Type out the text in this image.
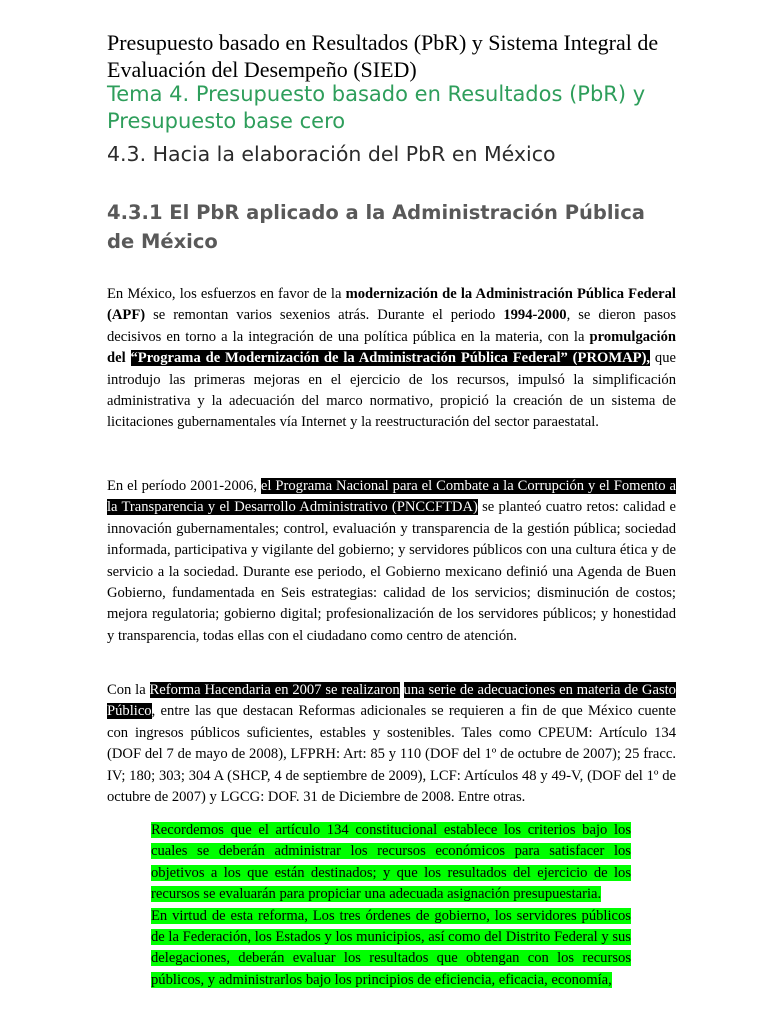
Presupuesto basado en Resultados (PbR) y Sistema Integral de Evaluación del Desempeño (SIED)
Tema 4. Presupuesto basado en Resultados (PbR) y Presupuesto base cero
4.3. Hacia la elaboración del PbR en México
4.3.1 El PbR aplicado a la Administración Pública de México

En México, los esfuerzos en favor de la modernización de la Administración Pública Federal (APF) se remontan varios sexenios atrás. Durante el periodo 1994-2000, se dieron pasos decisivos en torno a la integración de una política pública en la materia, con la promulgación del “Programa de Modernización de la Administración Pública Federal” (PROMAP), que introdujo las primeras mejoras en el ejercicio de los recursos, impulsó la simplificación administrativa y la adecuación del marco normativo, propició la creación de un sistema de licitaciones gubernamentales vía Internet y la reestructuración del sector paraestatal.

En el período 2001-2006, el Programa Nacional para el Combate a la Corrupción y el Fomento a la Transparencia y el Desarrollo Administrativo (PNCCFTDA) se planteó cuatro retos: calidad e innovación gubernamentales; control, evaluación y transparencia de la gestión pública; sociedad informada, participativa y vigilante del gobierno; y servidores públicos con una cultura ética y de servicio a la sociedad. Durante ese periodo, el Gobierno mexicano definió una Agenda de Buen Gobierno, fundamentada en Seis estrategias: calidad de los servicios; disminución de costos; mejora regulatoria; gobierno digital; profesionalización de los servidores públicos; y honestidad y transparencia, todas ellas con el ciudadano como centro de atención.

Con la Reforma Hacendaria en 2007 se realizaron una serie de adecuaciones en materia de Gasto Público, entre las que destacan Reformas adicionales se requieren a fin de que México cuente con ingresos públicos suficientes, estables y sostenibles. Tales como CPEUM: Artículo 134 (DOF del 7 de mayo de 2008), LFPRH: Art: 85 y 110 (DOF del 1º de octubre de 2007); 25 fracc. IV; 180; 303; 304 A (SHCP, 4 de septiembre de 2009), LCF: Artículos 48 y 49-V, (DOF del 1º de octubre de 2007) y LGCG: DOF. 31 de Diciembre de 2008. Entre otras.

Recordemos que el artículo 134 constitucional establece los criterios bajo los cuales se deberán administrar los recursos económicos para satisfacer los objetivos a los que están destinados; y que los resultados del ejercicio de los recursos se evaluarán para propiciar una adecuada asignación presupuestaria.
En virtud de esta reforma, Los tres órdenes de gobierno, los servidores públicos de la Federación, los Estados y los municipios, así como del Distrito Federal y sus delegaciones, deberán evaluar los resultados que obtengan con los recursos públicos, y administrarlos bajo los principios de eficiencia, eficacia, economía,
